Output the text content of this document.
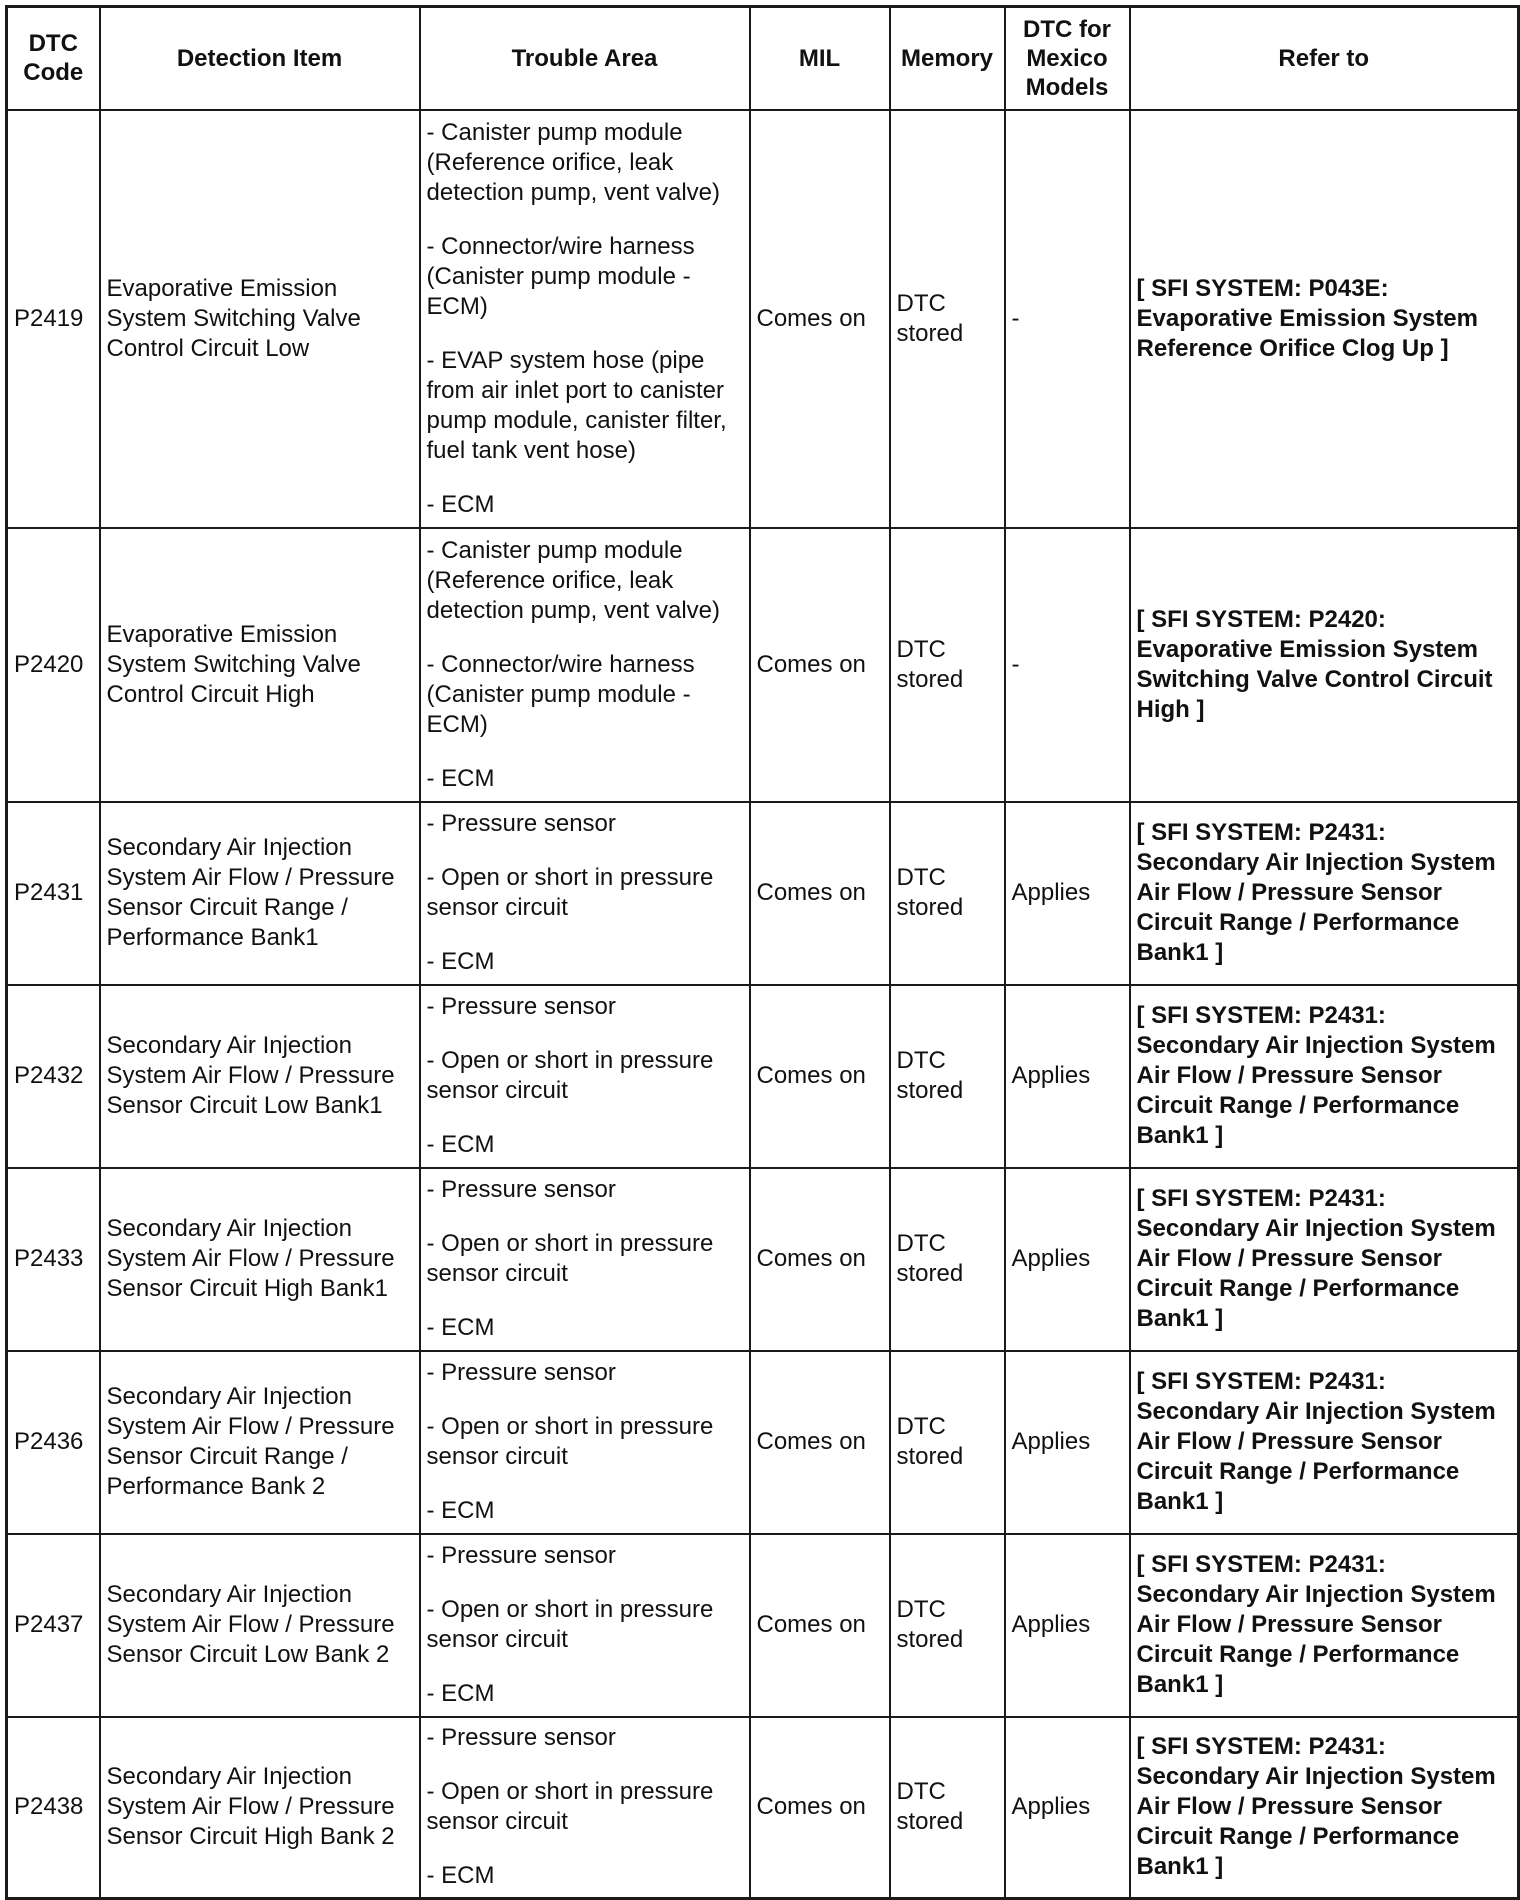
DTC Code	Detection Item	Trouble Area	MIL	Memory	DTC for Mexico Models	Refer to
P2419	Evaporative Emission System Switching Valve Control Circuit Low	- Canister pump module (Reference orifice, leak detection pump, vent valve)
- Connector/wire harness (Canister pump module - ECM)
- EVAP system hose (pipe from air inlet port to canister pump module, canister filter, fuel tank vent hose)
- ECM	Comes on	DTC stored	-	[ SFI SYSTEM: P043E: Evaporative Emission System Reference Orifice Clog Up ]
P2420	Evaporative Emission System Switching Valve Control Circuit High	- Canister pump module (Reference orifice, leak detection pump, vent valve)
- Connector/wire harness (Canister pump module - ECM)
- ECM	Comes on	DTC stored	-	[ SFI SYSTEM: P2420: Evaporative Emission System Switching Valve Control Circuit High ]
P2431	Secondary Air Injection System Air Flow / Pressure Sensor Circuit Range / Performance Bank1	- Pressure sensor
- Open or short in pressure sensor circuit
- ECM	Comes on	DTC stored	Applies	[ SFI SYSTEM: P2431: Secondary Air Injection System Air Flow / Pressure Sensor Circuit Range / Performance Bank1 ]
P2432	Secondary Air Injection System Air Flow / Pressure Sensor Circuit Low Bank1	- Pressure sensor
- Open or short in pressure sensor circuit
- ECM	Comes on	DTC stored	Applies	[ SFI SYSTEM: P2431: Secondary Air Injection System Air Flow / Pressure Sensor Circuit Range / Performance Bank1 ]
P2433	Secondary Air Injection System Air Flow / Pressure Sensor Circuit High Bank1	- Pressure sensor
- Open or short in pressure sensor circuit
- ECM	Comes on	DTC stored	Applies	[ SFI SYSTEM: P2431: Secondary Air Injection System Air Flow / Pressure Sensor Circuit Range / Performance Bank1 ]
P2436	Secondary Air Injection System Air Flow / Pressure Sensor Circuit Range / Performance Bank 2	- Pressure sensor
- Open or short in pressure sensor circuit
- ECM	Comes on	DTC stored	Applies	[ SFI SYSTEM: P2431: Secondary Air Injection System Air Flow / Pressure Sensor Circuit Range / Performance Bank1 ]
P2437	Secondary Air Injection System Air Flow / Pressure Sensor Circuit Low Bank 2	- Pressure sensor
- Open or short in pressure sensor circuit
- ECM	Comes on	DTC stored	Applies	[ SFI SYSTEM: P2431: Secondary Air Injection System Air Flow / Pressure Sensor Circuit Range / Performance Bank1 ]
P2438	Secondary Air Injection System Air Flow / Pressure Sensor Circuit High Bank 2	- Pressure sensor
- Open or short in pressure sensor circuit
- ECM	Comes on	DTC stored	Applies	[ SFI SYSTEM: P2431: Secondary Air Injection System Air Flow / Pressure Sensor Circuit Range / Performance Bank1 ]
